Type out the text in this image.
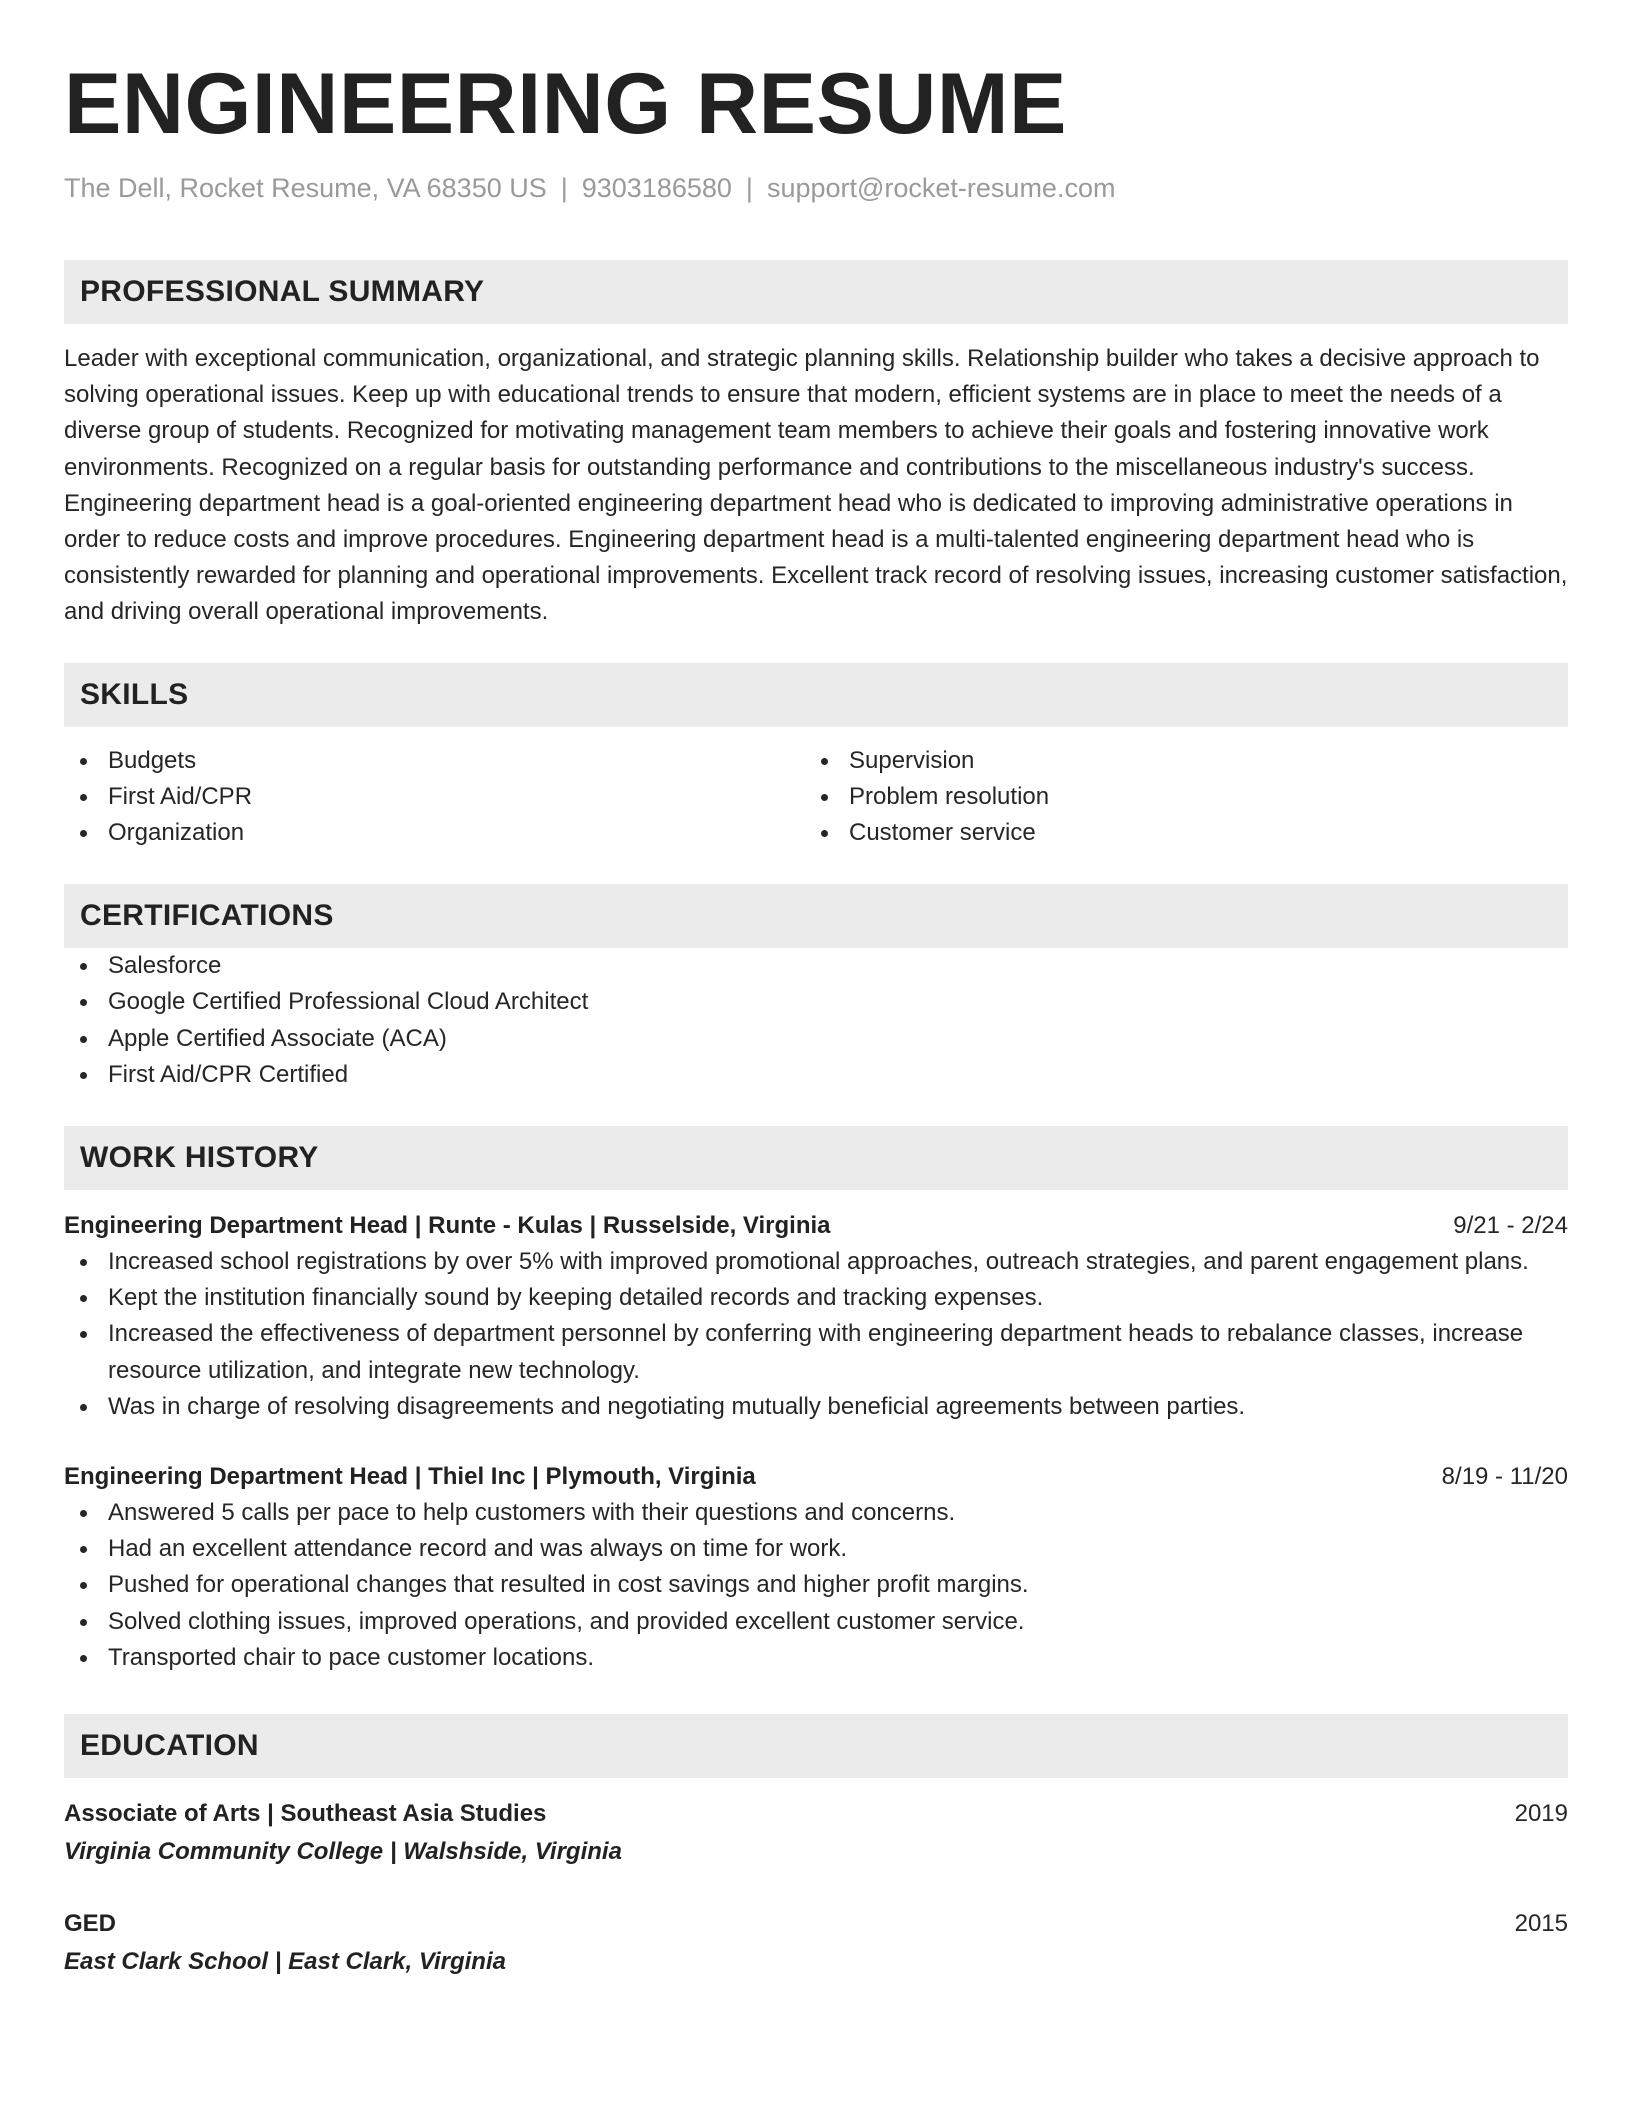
ENGINEERING RESUME
The Dell, Rocket Resume, VA 68350 US | 9303186580 | support@rocket-resume.com
PROFESSIONAL SUMMARY
Leader with exceptional communication, organizational, and strategic planning skills. Relationship builder who takes a decisive approach to solving operational issues. Keep up with educational trends to ensure that modern, efficient systems are in place to meet the needs of a diverse group of students. Recognized for motivating management team members to achieve their goals and fostering innovative work environments. Recognized on a regular basis for outstanding performance and contributions to the miscellaneous industry's success. Engineering department head is a goal-oriented engineering department head who is dedicated to improving administrative operations in order to reduce costs and improve procedures. Engineering department head is a multi-talented engineering department head who is consistently rewarded for planning and operational improvements. Excellent track record of resolving issues, increasing customer satisfaction, and driving overall operational improvements.
SKILLS
Budgets
First Aid/CPR
Organization
Supervision
Problem resolution
Customer service
CERTIFICATIONS
Salesforce
Google Certified Professional Cloud Architect
Apple Certified Associate (ACA)
First Aid/CPR Certified
WORK HISTORY
Engineering Department Head | Runte - Kulas | Russelside, Virginia	9/21 - 2/24
Increased school registrations by over 5% with improved promotional approaches, outreach strategies, and parent engagement plans.
Kept the institution financially sound by keeping detailed records and tracking expenses.
Increased the effectiveness of department personnel by conferring with engineering department heads to rebalance classes, increase resource utilization, and integrate new technology.
Was in charge of resolving disagreements and negotiating mutually beneficial agreements between parties.
Engineering Department Head | Thiel Inc | Plymouth, Virginia	8/19 - 11/20
Answered 5 calls per pace to help customers with their questions and concerns.
Had an excellent attendance record and was always on time for work.
Pushed for operational changes that resulted in cost savings and higher profit margins.
Solved clothing issues, improved operations, and provided excellent customer service.
Transported chair to pace customer locations.
EDUCATION
Associate of Arts | Southeast Asia Studies	2019
Virginia Community College | Walshside, Virginia
GED	2015
East Clark School | East Clark, Virginia
